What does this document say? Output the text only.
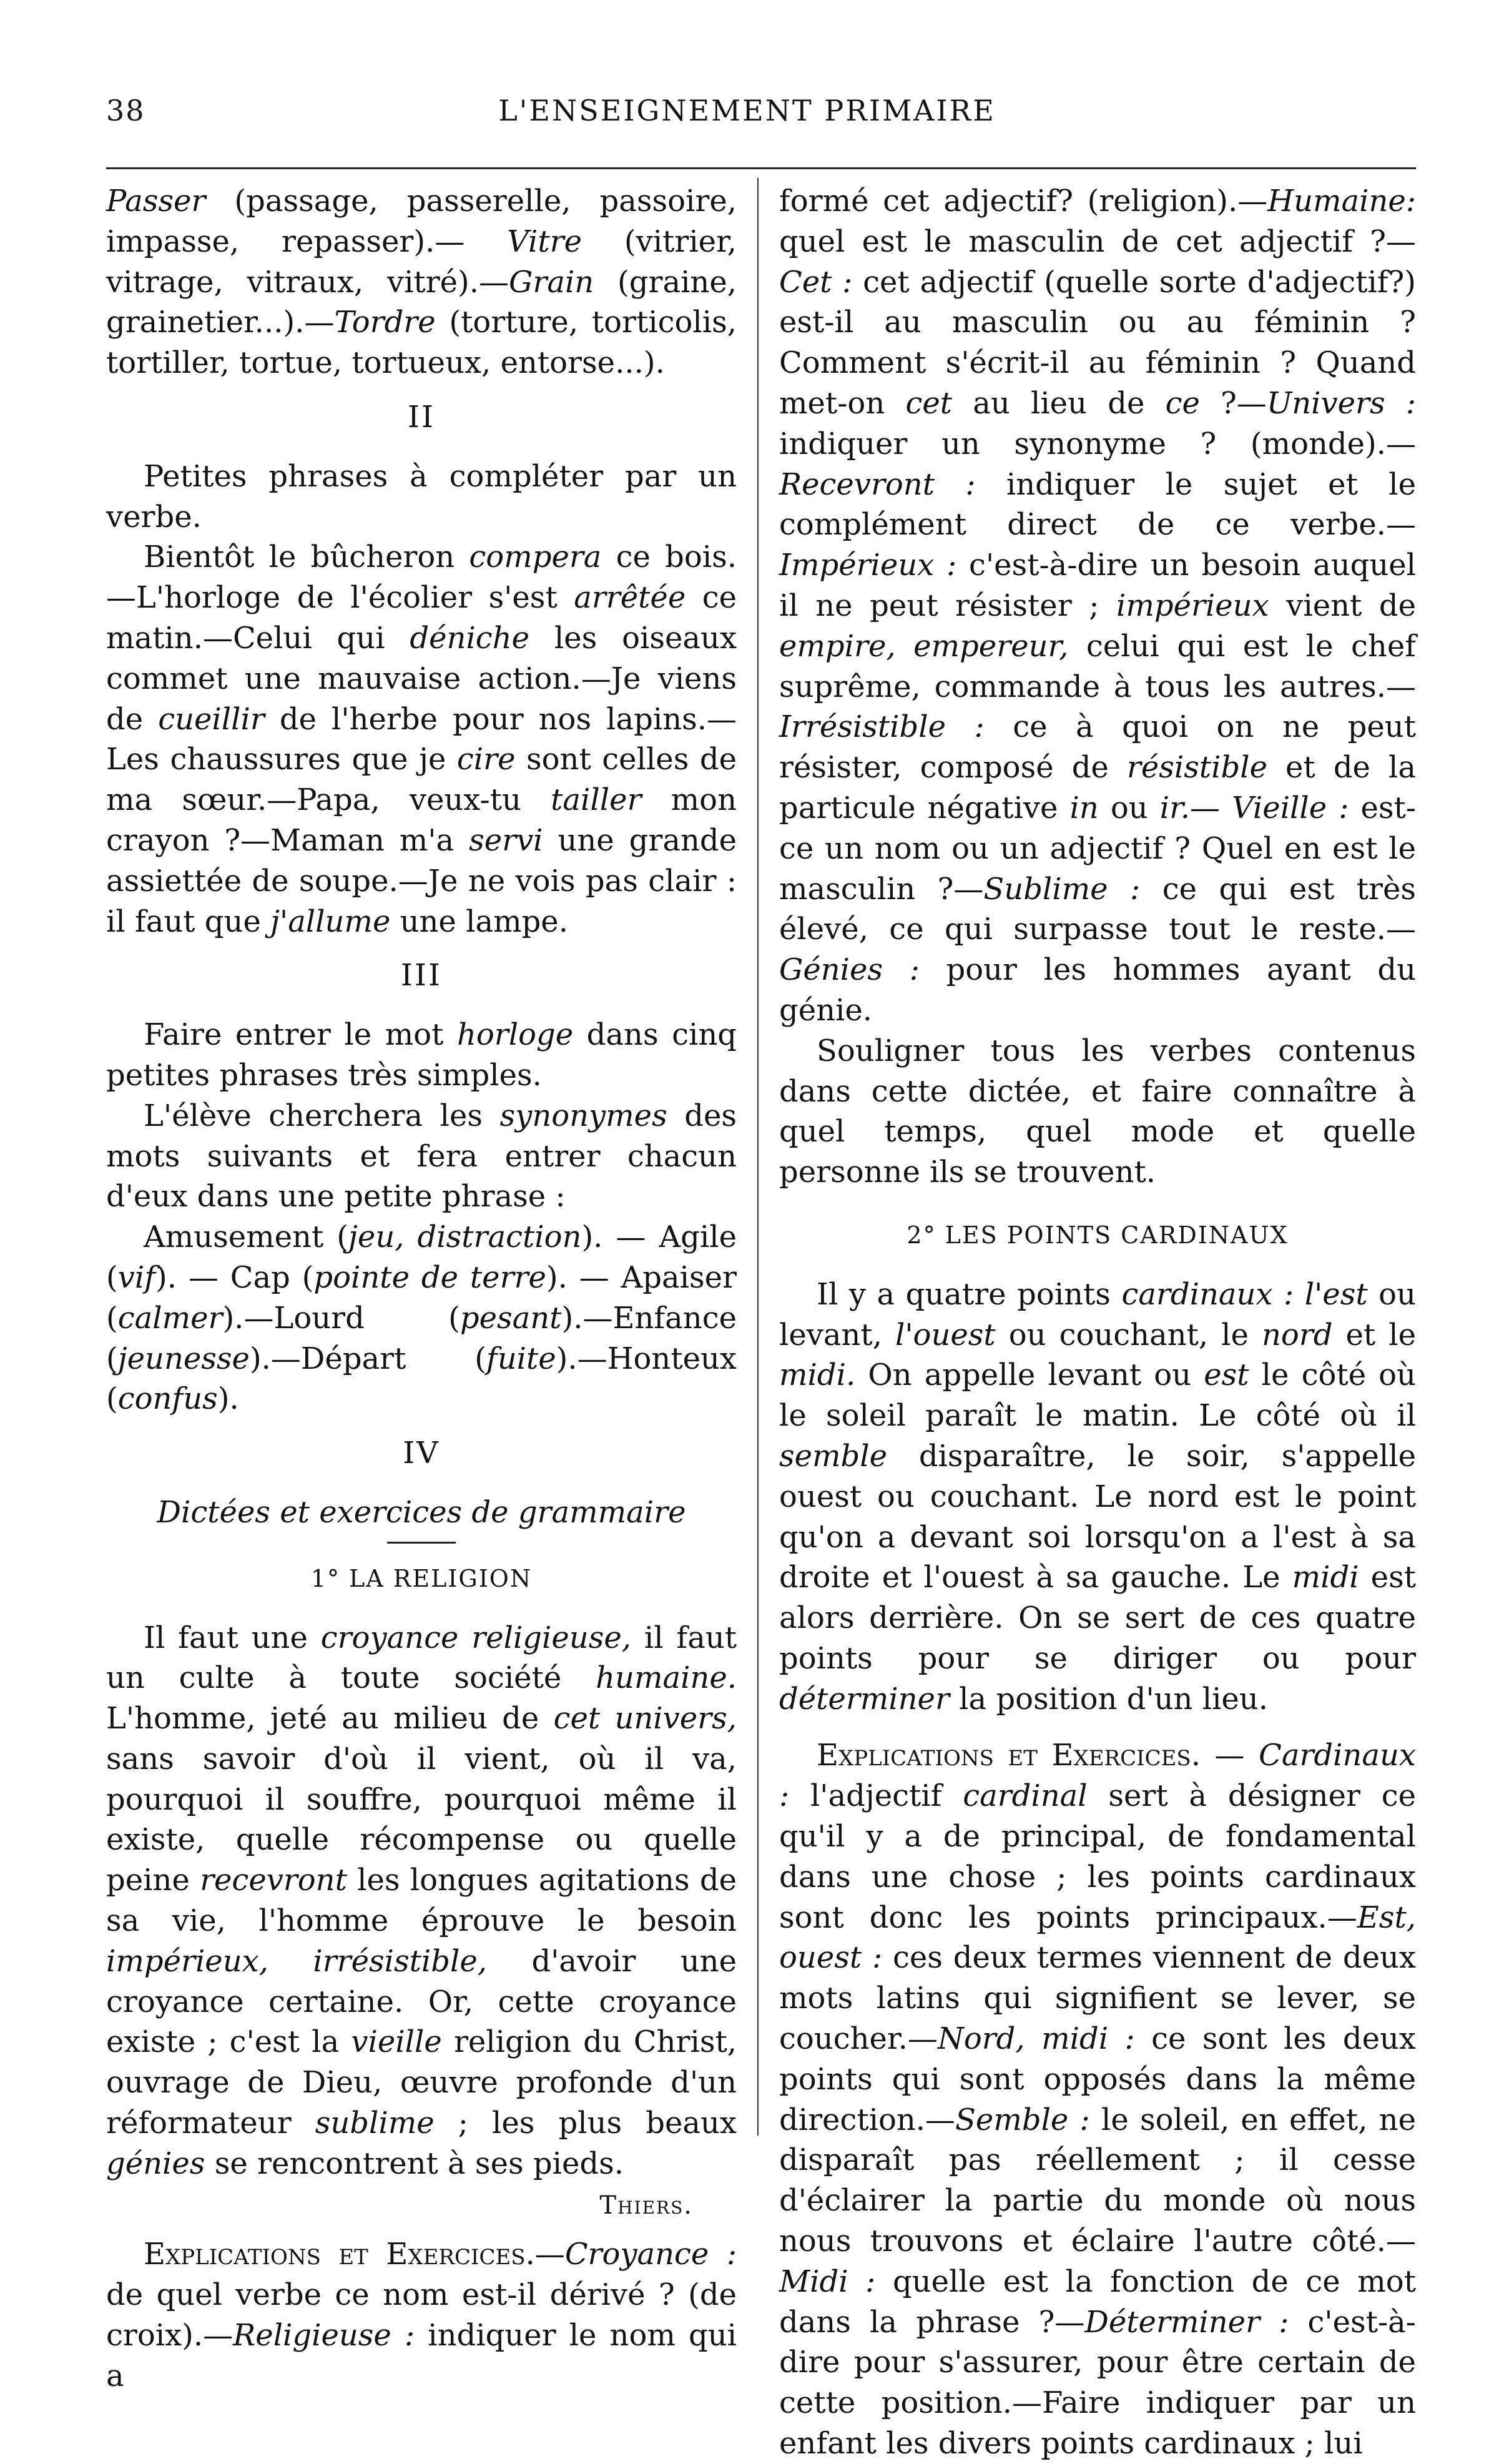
38	L'ENSEIGNEMENT PRIMAIRE

Passer (passage, passerelle, passoire, impasse, repasser).— Vitre (vitrier, vitrage, vitraux, vitré).—Grain (graine, grainetier...).—Tordre (torture, torticolis, tortiller, tortue, tortueux, entorse...).

II

Petites phrases à compléter par un verbe.

Bientôt le bûcheron compera ce bois.—L'horloge de l'écolier s'est arrêtée ce matin.—Celui qui déniche les oiseaux commet une mauvaise action.—Je viens de cueillir de l'herbe pour nos lapins.—Les chaussures que je cire sont celles de ma sœur.—Papa, veux-tu tailler mon crayon ?—Maman m'a servi une grande assiettée de soupe.—Je ne vois pas clair : il faut que j'allume une lampe.

III

Faire entrer le mot horloge dans cinq petites phrases très simples.

L'élève cherchera les synonymes des mots suivants et fera entrer chacun d'eux dans une petite phrase :

Amusement (jeu, distraction). — Agile (vif). — Cap (pointe de terre). — Apaiser (calmer).—Lourd (pesant).—Enfance (jeunesse).—Départ (fuite).—Honteux (confus).

IV
Dictées et exercices de grammaire
1° LA RELIGION

Il faut une croyance religieuse, il faut un culte à toute société humaine. L'homme, jeté au milieu de cet univers, sans savoir d'où il vient, où il va, pourquoi il souffre, pourquoi même il existe, quelle récompense ou quelle peine recevront les longues agitations de sa vie, l'homme éprouve le besoin impérieux, irrésistible, d'avoir une croyance certaine. Or, cette croyance existe ; c'est la vieille religion du Christ, ouvrage de Dieu, œuvre profonde d'un réformateur sublime ; les plus beaux génies se rencontrent à ses pieds.

Thiers.

Explications et Exercices.—Croyance : de quel verbe ce nom est-il dérivé ? (de croix).—Religieuse : indiquer le nom qui a

formé cet adjectif? (religion).—Humaine: quel est le masculin de cet adjectif ?—Cet : cet adjectif (quelle sorte d'adjectif?) est-il au masculin ou au féminin ? Comment s'écrit-il au féminin ? Quand met-on cet au lieu de ce ?—Univers : indiquer un synonyme ? (monde).—Recevront : indiquer le sujet et le complément direct de ce verbe.—Impérieux : c'est-à-dire un besoin auquel il ne peut résister ; impérieux vient de empire, empereur, celui qui est le chef suprême, commande à tous les autres.—Irrésistible : ce à quoi on ne peut résister, composé de résistible et de la particule négative in ou ir.— Vieille : est-ce un nom ou un adjectif ? Quel en est le masculin ?—Sublime : ce qui est très élevé, ce qui surpasse tout le reste.—Génies : pour les hommes ayant du génie.

Souligner tous les verbes contenus dans cette dictée, et faire connaître à quel temps, quel mode et quelle personne ils se trouvent.

2° LES POINTS CARDINAUX

Il y a quatre points cardinaux : l'est ou levant, l'ouest ou couchant, le nord et le midi. On appelle levant ou est le côté où le soleil paraît le matin. Le côté où il semble disparaître, le soir, s'appelle ouest ou couchant. Le nord est le point qu'on a devant soi lorsqu'on a l'est à sa droite et l'ouest à sa gauche. Le midi est alors derrière. On se sert de ces quatre points pour se diriger ou pour déterminer la position d'un lieu.

Explications et Exercices. — Cardinaux : l'adjectif cardinal sert à désigner ce qu'il y a de principal, de fondamental dans une chose ; les points cardinaux sont donc les points principaux.—Est, ouest : ces deux termes viennent de deux mots latins qui signifient se lever, se coucher.—Nord, midi : ce sont les deux points qui sont opposés dans la même direction.—Semble : le soleil, en effet, ne disparaît pas réellement ; il cesse d'éclairer la partie du monde où nous nous trouvons et éclaire l'autre côté.—Midi : quelle est la fonction de ce mot dans la phrase ?—Déterminer : c'est-à-dire pour s'assurer, pour être certain de cette position.—Faire indiquer par un enfant les divers points cardinaux ; lui
